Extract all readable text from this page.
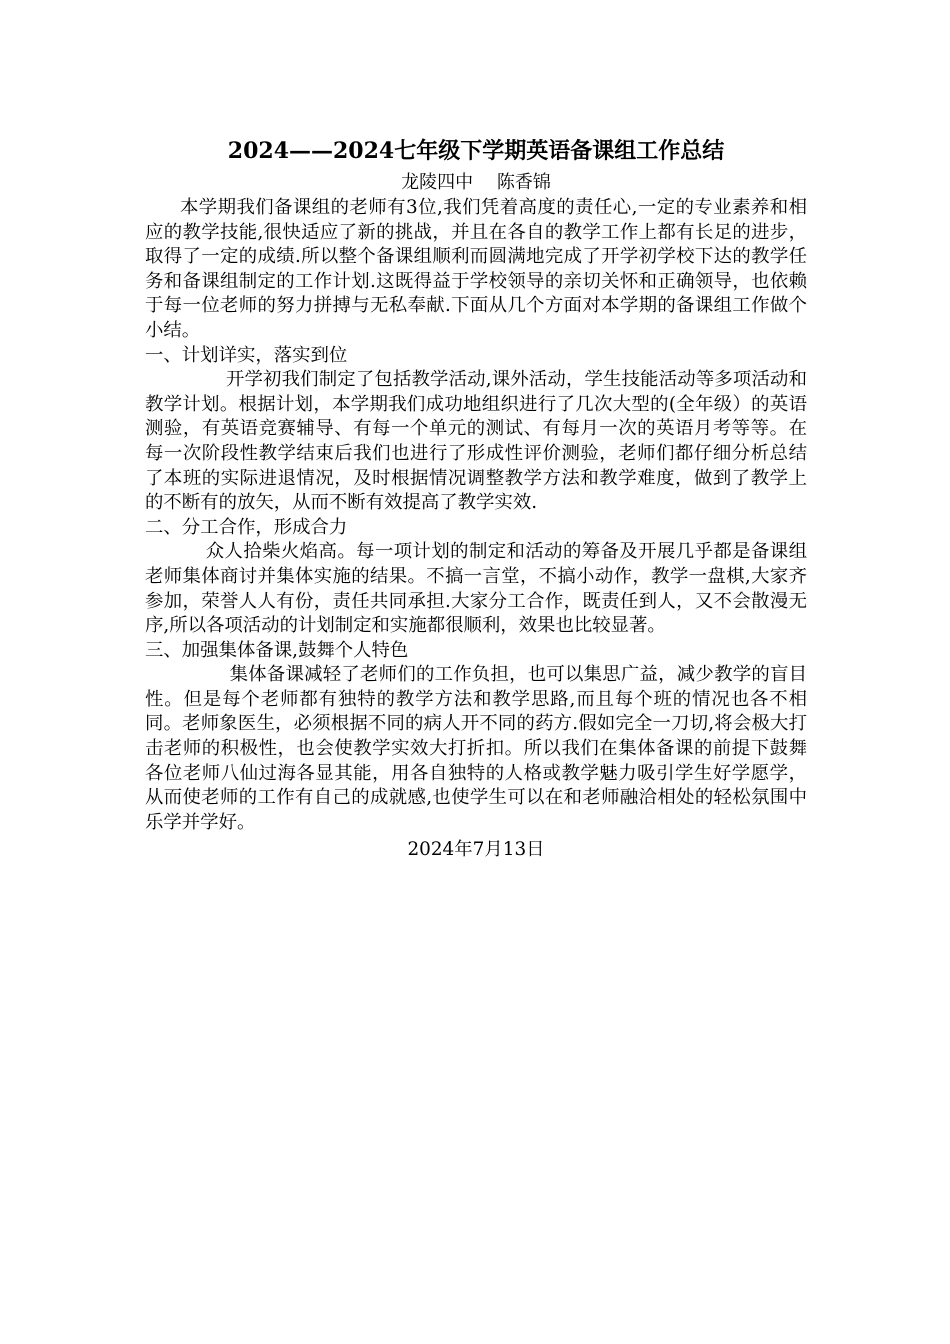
2024——2024七年级下学期英语备课组工作总结

龙陵四中　 陈香锦

本学期我们备课组的老师有3位,我们凭着高度的责任心,一定的专业素养和相应的教学技能,很快适应了新的挑战，并且在各自的教学工作上都有长足的进步，取得了一定的成绩.所以整个备课组顺利而圆满地完成了开学初学校下达的教学任务和备课组制定的工作计划.这既得益于学校领导的亲切关怀和正确领导，也依赖于每一位老师的努力拼搏与无私奉献.下面从几个方面对本学期的备课组工作做个小结。

一、计划详实，落实到位

开学初我们制定了包括教学活动,课外活动，学生技能活动等多项活动和教学计划。根据计划，本学期我们成功地组织进行了几次大型的(全年级）的英语测验，有英语竞赛辅导、有每一个单元的测试、有每月一次的英语月考等等。在每一次阶段性教学结束后我们也进行了形成性评价测验，老师们都仔细分析总结了本班的实际进退情况，及时根据情况调整教学方法和教学难度，做到了教学上的不断有的放矢，从而不断有效提高了教学实效.

二、分工合作，形成合力

众人拾柴火焰高。每一项计划的制定和活动的筹备及开展几乎都是备课组老师集体商讨并集体实施的结果。不搞一言堂，不搞小动作，教学一盘棋,大家齐参加，荣誉人人有份，责任共同承担.大家分工合作，既责任到人，又不会散漫无序,所以各项活动的计划制定和实施都很顺利，效果也比较显著。

三、加强集体备课,鼓舞个人特色

集体备课减轻了老师们的工作负担，也可以集思广益，减少教学的盲目性。但是每个老师都有独特的教学方法和教学思路,而且每个班的情况也各不相同。老师象医生，必须根据不同的病人开不同的药方.假如完全一刀切,将会极大打击老师的积极性，也会使教学实效大打折扣。所以我们在集体备课的前提下鼓舞各位老师八仙过海各显其能，用各自独特的人格或教学魅力吸引学生好学愿学，从而使老师的工作有自己的成就感,也使学生可以在和老师融洽相处的轻松氛围中乐学并学好。

2024年7月13日
